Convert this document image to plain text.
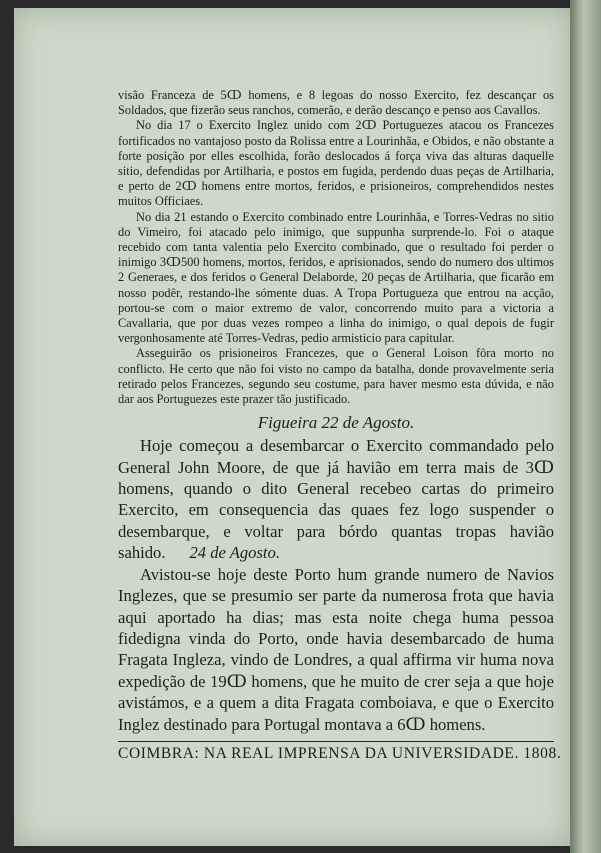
visão Franceza de 5ↀ homens, e 8 legoas do nosso Exercito, fez descançar os Soldados, que fizerão seus ranchos, comerão, e derão descanço e penso aos Cavallos.

No dia 17 o Exercito Inglez unido com 2ↀ Portuguezes atacou os Francezes fortificados no vantajoso posto da Rolissa entre a Lourinhãa, e Obidos, e não obstante a forte posição por elles escolhida, forão deslocados á força viva das alturas daquelle sitio, defendidas por Artilharia, e postos em fugida, perdendo duas peças de Artilharia, e perto de 2ↀ homens entre mortos, feridos, e prisioneiros, comprehendidos nestes muitos Officiaes.

No dia 21 estando o Exercito combinado entre Lourinhãa, e Torres-Vedras no sitio do Vimeiro, foi atacado pelo inimigo, que suppunha surprende-lo. Foi o ataque recebido com tanta valentia pelo Exercito combinado, que o resultado foi perder o inimigo 3ↀ500 homens, mortos, feridos, e aprisionados, sendo do numero dos ultimos 2 Generaes, e dos feridos o General Delaborde, 20 peças de Artilharia, que ficarão em nosso podêr, restando-lhe sómente duas. A Tropa Portugueza que entrou na acção, portou-se com o maior extremo de valor, concorrendo muito para a victoria a Cavallaria, que por duas vezes rompeo a linha do inimigo, o qual depois de fugir vergonhosamente até Torres-Vedras, pedio armisticio para capitular.

Asseguirão os prisioneiros Francezes, que o General Loison fôra morto no conflicto. He certo que não foi visto no campo da batalha, donde provavelmente seria retirado pelos Francezes, segundo seu costume, para haver mesmo esta dúvida, e não dar aos Portuguezes este prazer tão justificado.

Figueira 22 de Agosto.

Hoje começou a desembarcar o Exercito commandado pelo General John Moore, de que já havião em terra mais de 3ↀ homens, quando o dito General recebeo cartas do primeiro Exercito, em consequencia das quaes fez logo suspender o desembarque, e voltar para bórdo quantas tropas havião sahido. 24 de Agosto.

Avistou-se hoje deste Porto hum grande numero de Navios Inglezes, que se presumio ser parte da numerosa frota que havia aqui aportado ha dias; mas esta noite chega huma pessoa fidedigna vinda do Porto, onde havia desembarcado de huma Fragata Ingleza, vindo de Londres, a qual affirma vir huma nova expedição de 19ↀ homens, que he muito de crer seja a que hoje avistámos, e a quem a dita Fragata comboiava, e que o Exercito Inglez destinado para Portugal montava a 6ↀ homens.

COIMBRA: NA REAL IMPRENSA DA UNIVERSIDADE. 1808.
